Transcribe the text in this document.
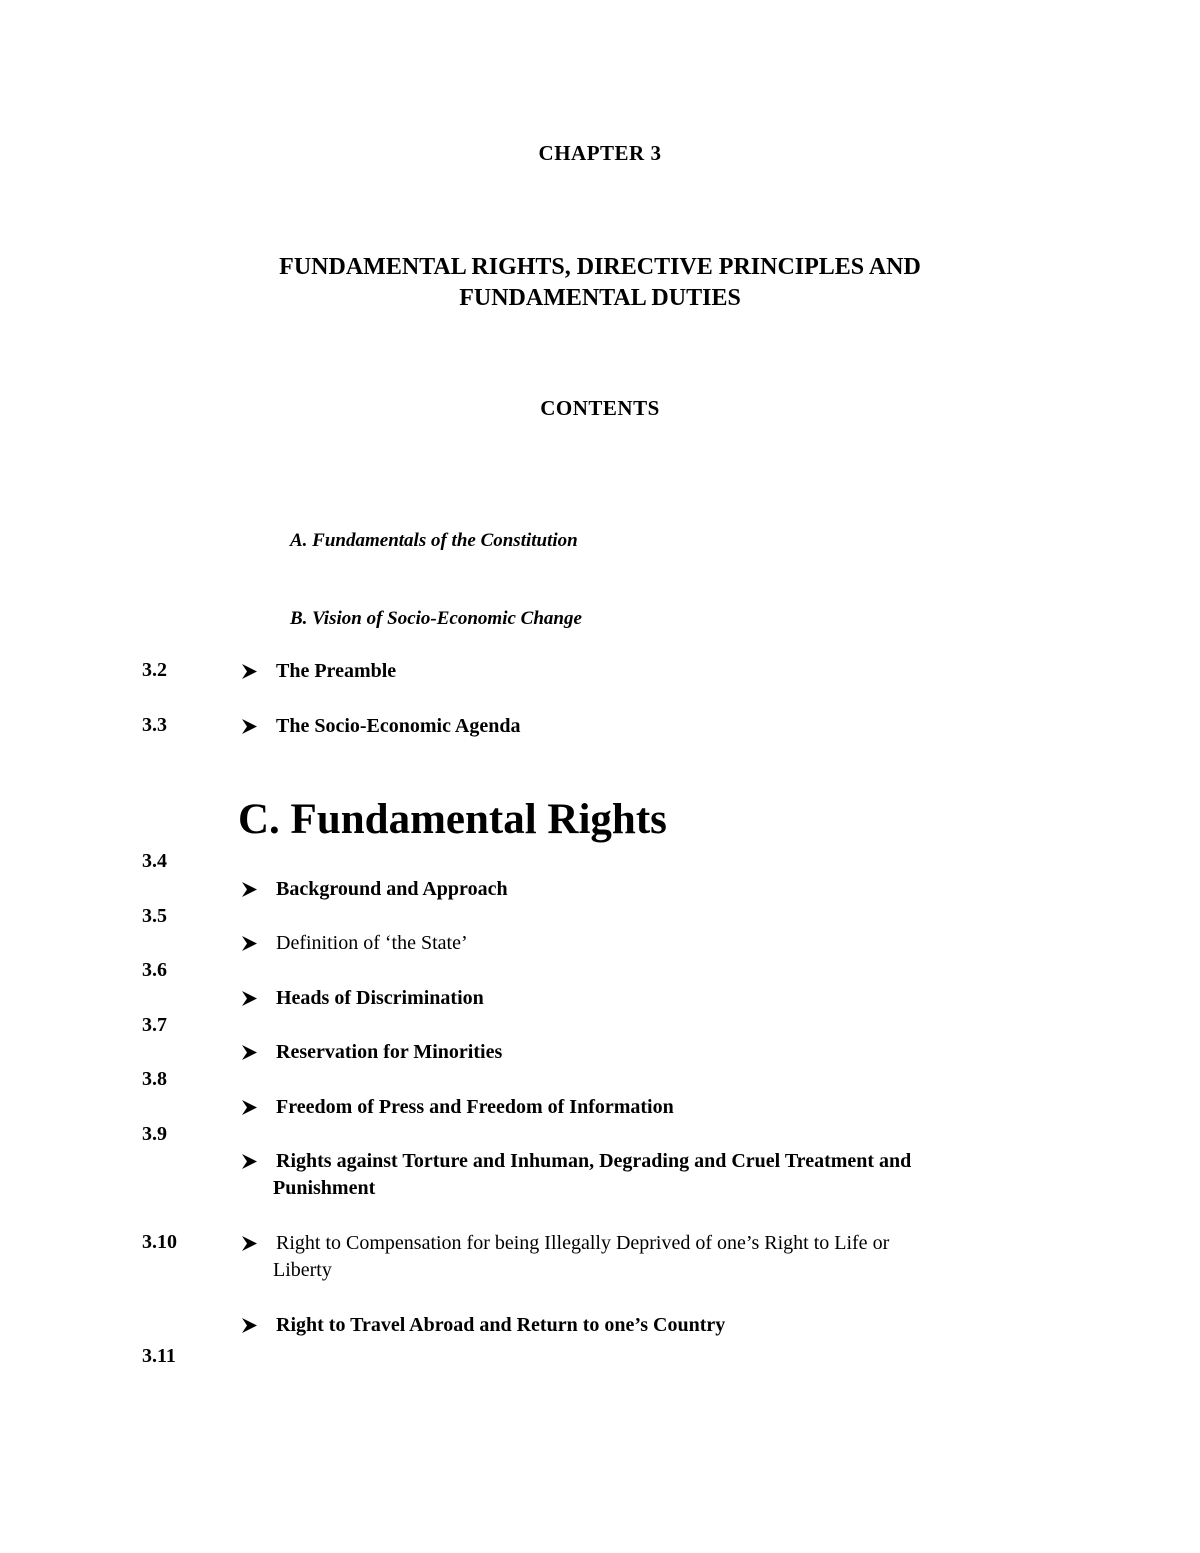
CHAPTER 3
FUNDAMENTAL RIGHTS, DIRECTIVE PRINCIPLES AND
FUNDAMENTAL DUTIES
CONTENTS
A. Fundamentals of the Constitution
B. Vision of Socio-Economic Change
C. Fundamental Rights
3.2
3.3
3.4
3.5
3.6
3.7
3.8
3.9
3.10
3.11
The Preamble
The Socio-Economic Agenda
Background and Approach
Definition of ‘the State’
Heads of Discrimination
Reservation for Minorities
Freedom of Press and Freedom of Information
Rights against Torture and Inhuman, Degrading and Cruel Treatment and
Punishment
Right to Compensation for being Illegally Deprived of one’s Right to Life or
Liberty
Right to Travel Abroad and Return to one’s Country
